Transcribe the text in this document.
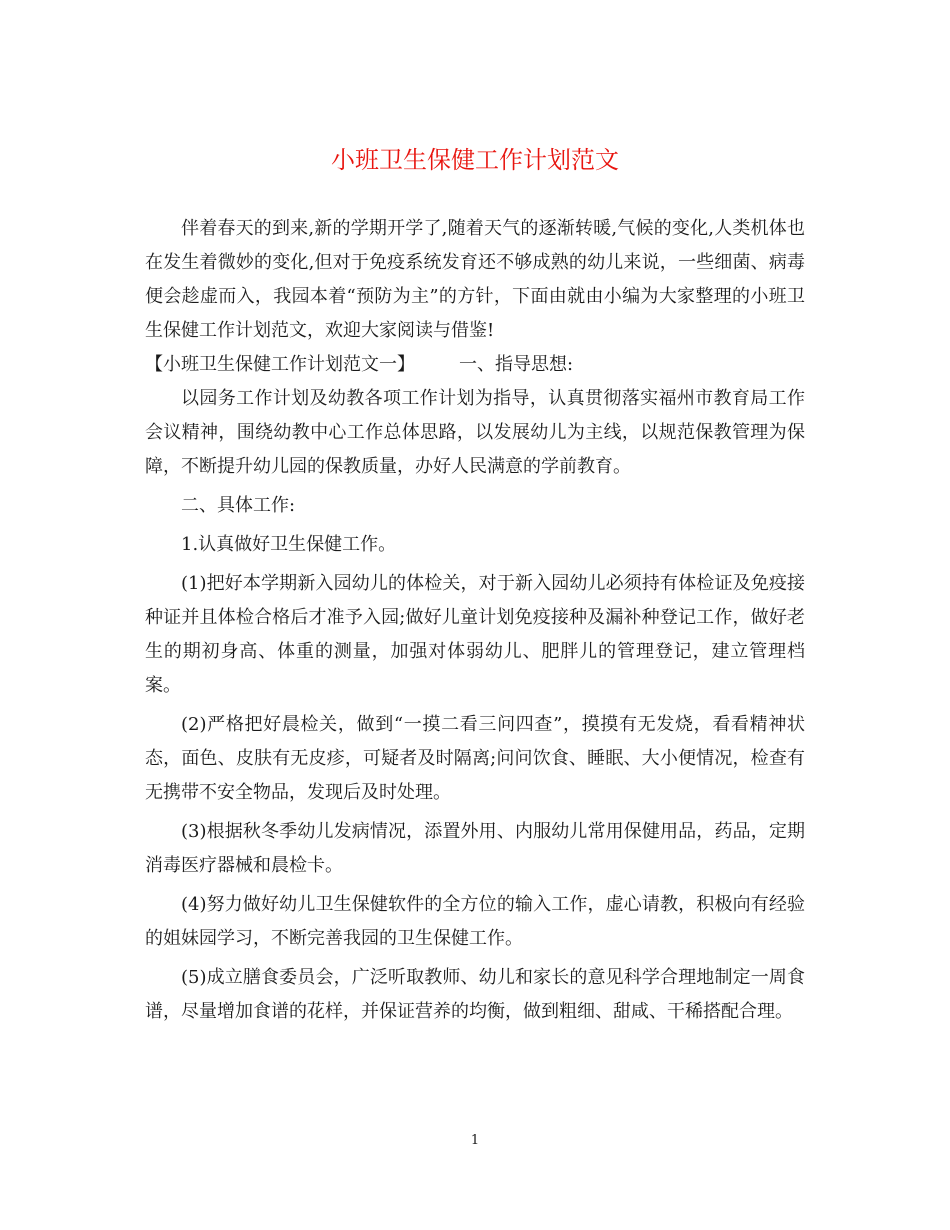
小班卫生保健工作计划范文

伴着春天的到来,新的学期开学了,随着天气的逐渐转暖,气候的变化,人类机体也在发生着微妙的变化,但对于免疫系统发育还不够成熟的幼儿来说，一些细菌、病毒便会趁虚而入，我园本着“预防为主”的方针，下面由就由小编为大家整理的小班卫生保健工作计划范文，欢迎大家阅读与借鉴!

【小班卫生保健工作计划范文一】 一、指导思想:

以园务工作计划及幼教各项工作计划为指导，认真贯彻落实福州市教育局工作会议精神，围绕幼教中心工作总体思路，以发展幼儿为主线，以规范保教管理为保障，不断提升幼儿园的保教质量，办好人民满意的学前教育。

二、具体工作:

1.认真做好卫生保健工作。

(1)把好本学期新入园幼儿的体检关，对于新入园幼儿必须持有体检证及免疫接种证并且体检合格后才准予入园;做好儿童计划免疫接种及漏补种登记工作，做好老生的期初身高、体重的测量，加强对体弱幼儿、肥胖儿的管理登记，建立管理档案。

(2)严格把好晨检关，做到“一摸二看三问四查”，摸摸有无发烧，看看精神状态，面色、皮肤有无皮疹，可疑者及时隔离;问问饮食、睡眠、大小便情况，检查有无携带不安全物品，发现后及时处理。

(3)根据秋冬季幼儿发病情况，添置外用、内服幼儿常用保健用品，药品，定期消毒医疗器械和晨检卡。

(4)努力做好幼儿卫生保健软件的全方位的输入工作，虚心请教，积极向有经验的姐妹园学习，不断完善我园的卫生保健工作。

(5)成立膳食委员会，广泛听取教师、幼儿和家长的意见科学合理地制定一周食谱，尽量增加食谱的花样，并保证营养的均衡，做到粗细、甜咸、干稀搭配合理。

1
